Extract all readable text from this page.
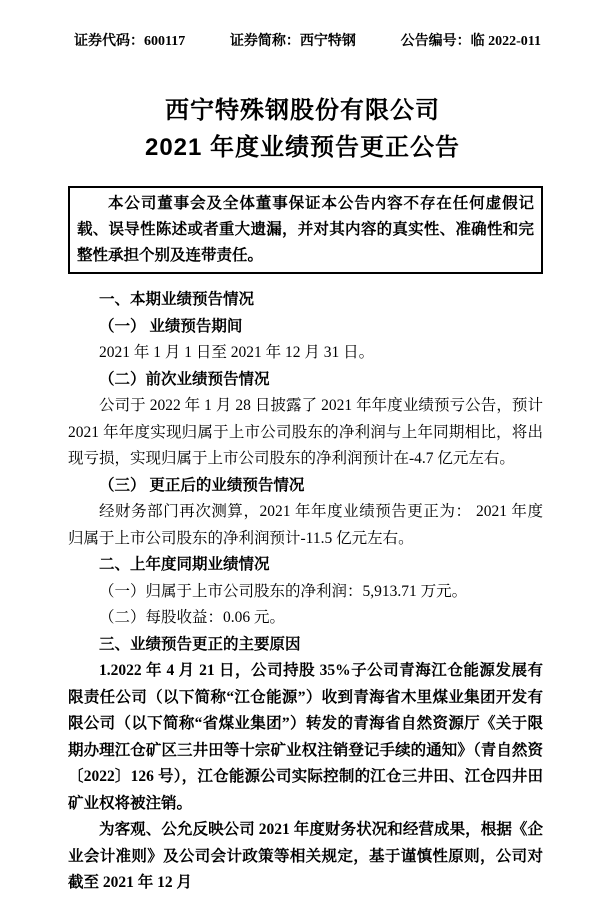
证券代码：600117	证券简称：西宁特钢	公告编号：临 2022-011
西宁特殊钢股份有限公司
2021 年度业绩预告更正公告
本公司董事会及全体董事保证本公告内容不存在任何虚假记载、误导性陈述或者重大遗漏，并对其内容的真实性、准确性和完整性承担个别及连带责任。

一、本期业绩预告情况

（一） 业绩预告期间

2021 年 1 月 1 日至 2021 年 12 月 31 日。

（二）前次业绩预告情况

公司于 2022 年 1 月 28 日披露了 2021 年年度业绩预亏公告，预计 2021 年年度实现归属于上市公司股东的净利润与上年同期相比，将出现亏损，实现归属于上市公司股东的净利润预计在-4.7 亿元左右。

（三） 更正后的业绩预告情况

经财务部门再次测算，2021 年年度业绩预告更正为： 2021 年度归属于上市公司股东的净利润预计-11.5 亿元左右。

二、上年度同期业绩情况

（一）归属于上市公司股东的净利润：5,913.71 万元。

（二）每股收益：0.06 元。

三、业绩预告更正的主要原因

1.2022 年 4 月 21 日，公司持股 35%子公司青海江仓能源发展有限责任公司（以下简称“江仓能源”）收到青海省木里煤业集团开发有限公司（以下简称“省煤业集团”）转发的青海省自然资源厅《关于限期办理江仓矿区三井田等十宗矿业权注销登记手续的通知》（青自然资〔2022〕126 号），江仓能源公司实际控制的江仓三井田、江仓四井田矿业权将被注销。

为客观、公允反映公司 2021 年度财务状况和经营成果，根据《企业会计准则》及公司会计政策等相关规定，基于谨慎性原则，公司对截至 2021 年 12 月
